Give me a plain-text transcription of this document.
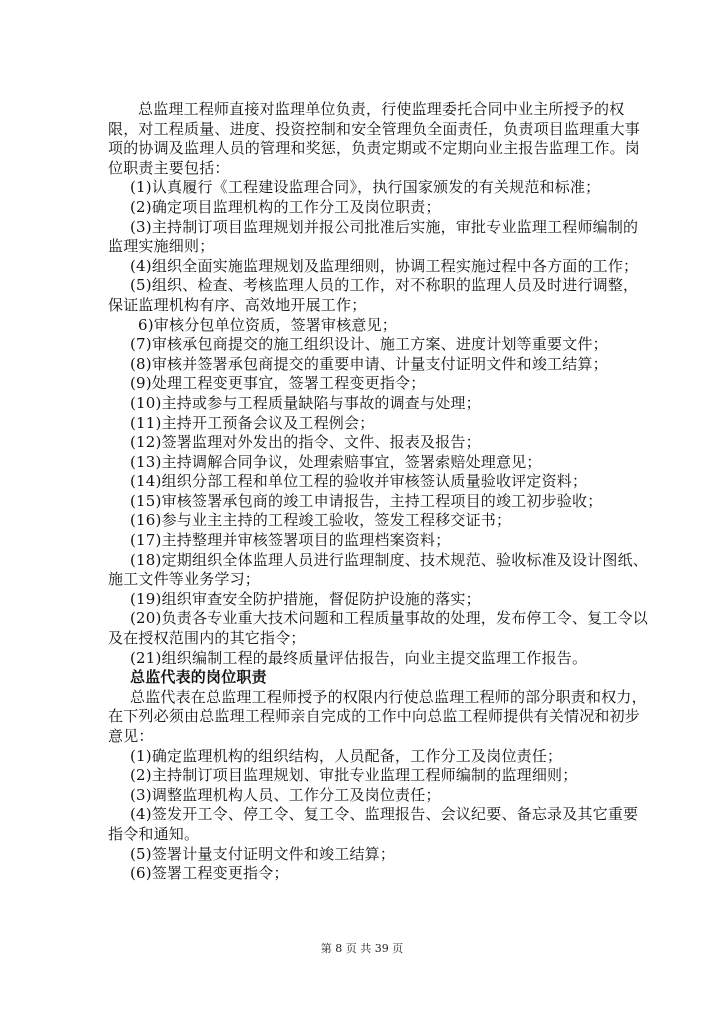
总监理工程师直接对监理单位负责，行使监理委托合同中业主所授予的权限，对工程质量、进度、投资控制和安全管理负全面责任，负责项目监理重大事项的协调及监理人员的管理和奖惩，负责定期或不定期向业主报告监理工作。岗位职责主要包括：

(1)认真履行《工程建设监理合同》，执行国家颁发的有关规范和标准；

(2)确定项目监理机构的工作分工及岗位职责；

(3)主持制订项目监理规划并报公司批准后实施，审批专业监理工程师编制的监理实施细则；

(4)组织全面实施监理规划及监理细则，协调工程实施过程中各方面的工作；

(5)组织、检查、考核监理人员的工作，对不称职的监理人员及时进行调整，保证监理机构有序、高效地开展工作；

6)审核分包单位资质，签署审核意见；

(7)审核承包商提交的施工组织设计、施工方案、进度计划等重要文件；

(8)审核并签署承包商提交的重要申请、计量支付证明文件和竣工结算；

(9)处理工程变更事宜，签署工程变更指令；

(10)主持或参与工程质量缺陷与事故的调查与处理；

(11)主持开工预备会议及工程例会；

(12)签署监理对外发出的指令、文件、报表及报告；

(13)主持调解合同争议，处理索赔事宜，签署索赔处理意见；

(14)组织分部工程和单位工程的验收并审核签认质量验收评定资料；

(15)审核签署承包商的竣工申请报告，主持工程项目的竣工初步验收；

(16)参与业主主持的工程竣工验收，签发工程移交证书；

(17)主持整理并审核签署项目的监理档案资料；

(18)定期组织全体监理人员进行监理制度、技术规范、验收标准及设计图纸、施工文件等业务学习；

(19)组织审查安全防护措施，督促防护设施的落实；

(20)负责各专业重大技术问题和工程质量事故的处理，发布停工令、复工令以及在授权范围内的其它指令；

(21)组织编制工程的最终质量评估报告，向业主提交监理工作报告。

总监代表的岗位职责

总监代表在总监理工程师授予的权限内行使总监理工程师的部分职责和权力，在下列必须由总监理工程师亲自完成的工作中向总监工程师提供有关情况和初步意见：

(1)确定监理机构的组织结构，人员配备，工作分工及岗位责任；

(2)主持制订项目监理规划、审批专业监理工程师编制的监理细则；

(3)调整监理机构人员、工作分工及岗位责任；

(4)签发开工令、停工令、复工令、监理报告、会议纪要、备忘录及其它重要指令和通知。

(5)签署计量支付证明文件和竣工结算；

(6)签署工程变更指令；

第 8 页 共 39 页
